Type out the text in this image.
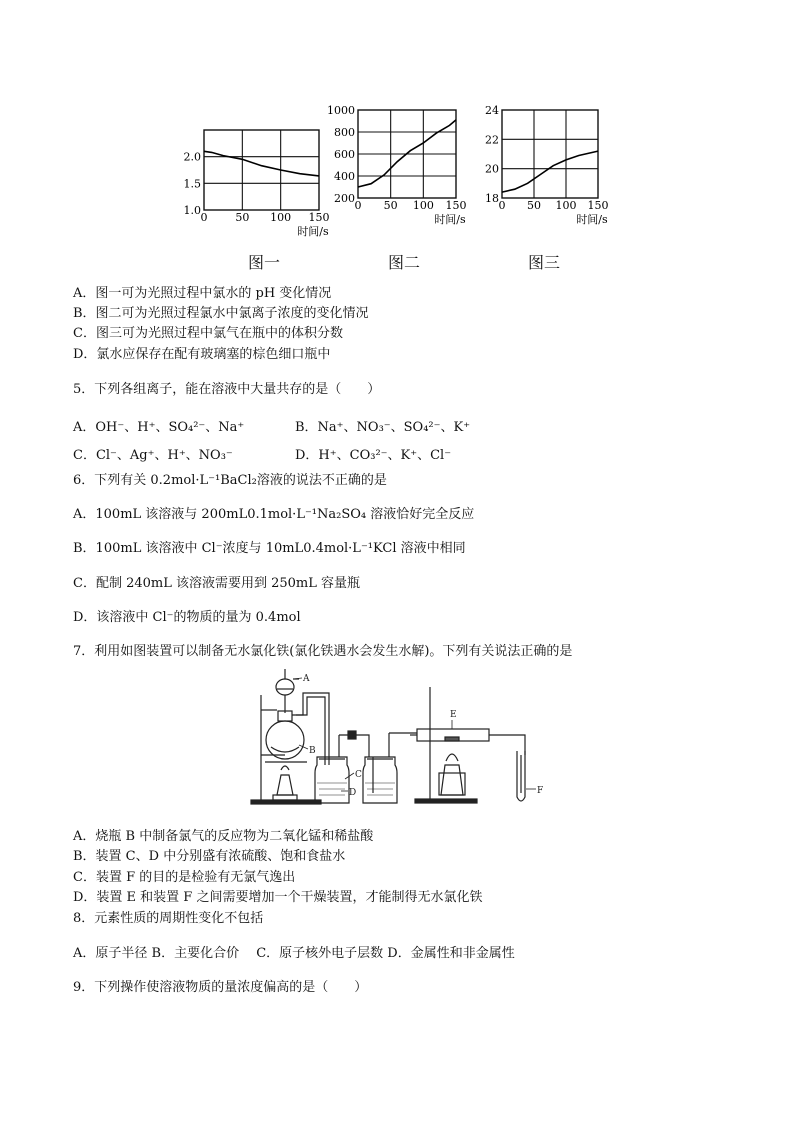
0	50 100 150
1.0
1.5
2.0
时间/s
0 50 100 150
200
400
600
800
1000
时间/s
0 50 100 150
18
20
22
24
时间/s
图一	图二	图三
A．图一可为光照过程中氯水的 pH 变化情况
B．图二可为光照过程氯水中氯离子浓度的变化情况
C．图三可为光照过程中氯气在瓶中的体积分数
D．氯水应保存在配有玻璃塞的棕色细口瓶中
5．下列各组离子，能在溶液中大量共存的是（　　）
A．OH⁻、H⁺、SO₄²⁻、Na⁺	B．Na⁺、NO₃⁻、SO₄²⁻、K⁺
C．Cl⁻、Ag⁺、H⁺、NO₃⁻	D．H⁺、CO₃²⁻、K⁺、Cl⁻
6．下列有关 0.2mol·L⁻¹BaCl₂溶液的说法不正确的是
A．100mL 该溶液与 200mL0.1mol·L⁻¹Na₂SO₄ 溶液恰好完全反应
B．100mL 该溶液中 Cl⁻浓度与 10mL0.4mol·L⁻¹KCl 溶液中相同
C．配制 240mL 该溶液需要用到 250mL 容量瓶
D．该溶液中 Cl⁻的物质的量为 0.4mol
7．利用如图装置可以制备无水氯化铁(氯化铁遇水会发生水解)。下列有关说法正确的是
A
B
C
D
E
F
A．烧瓶 B 中制备氯气的反应物为二氧化锰和稀盐酸
B．装置 C、D 中分别盛有浓硫酸、饱和食盐水
C．装置 F 的目的是检验有无氯气逸出
D．装置 E 和装置 F 之间需要增加一个干燥装置，才能制得无水氯化铁
8．元素性质的周期性变化不包括
A．原子半径 B．主要化合价　 C．原子核外电子层数 D．金属性和非金属性
9．下列操作使溶液物质的量浓度偏高的是（　　）
